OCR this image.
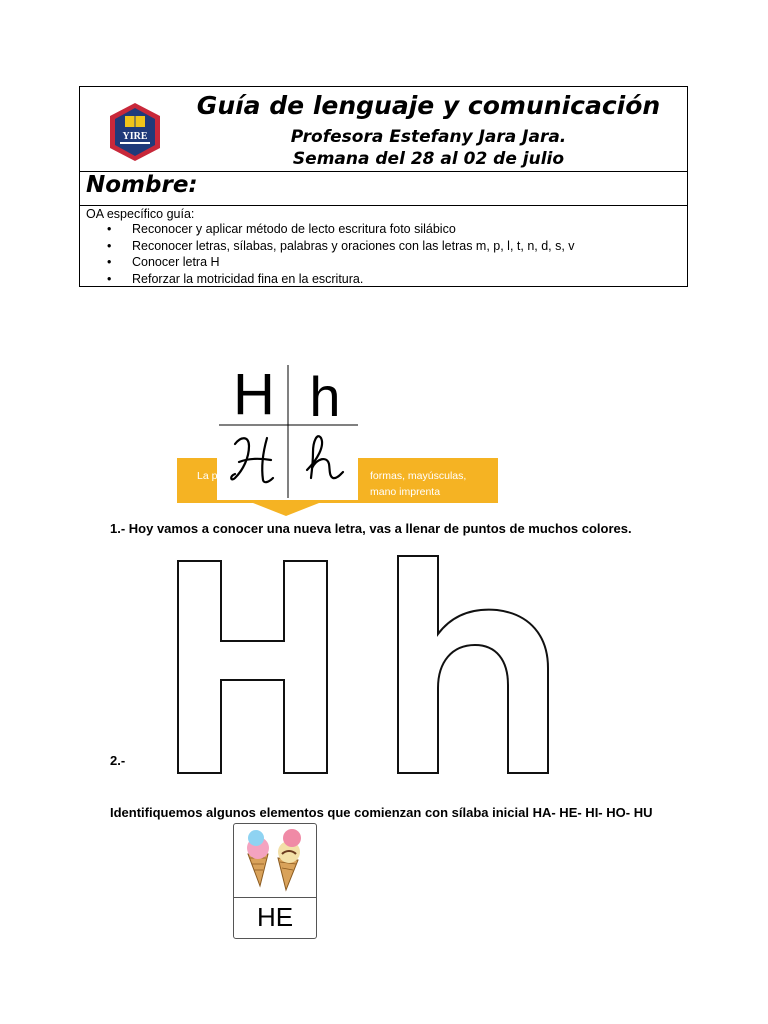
YIRE
Guía de lenguaje y comunicación
Profesora Estefany Jara Jara.
Semana del 28 al 02 de julio
Nombre:
OA específico guía:
• Reconocer y aplicar método de lecto escritura foto silábico
• Reconocer letras, sílabas, palabras y oraciones con las letras m, p, l, t, n, d, s, v
• Conocer letra H
• Reforzar la motricidad fina en la escritura.
La p	formas, mayúsculas,
mano imprenta
H h
1.- Hoy vamos a conocer una nueva letra, vas a llenar de puntos de muchos colores.
2.-
Identifiquemos algunos elementos que comienzan con sílaba inicial HA- HE- HI- HO- HU
HE
